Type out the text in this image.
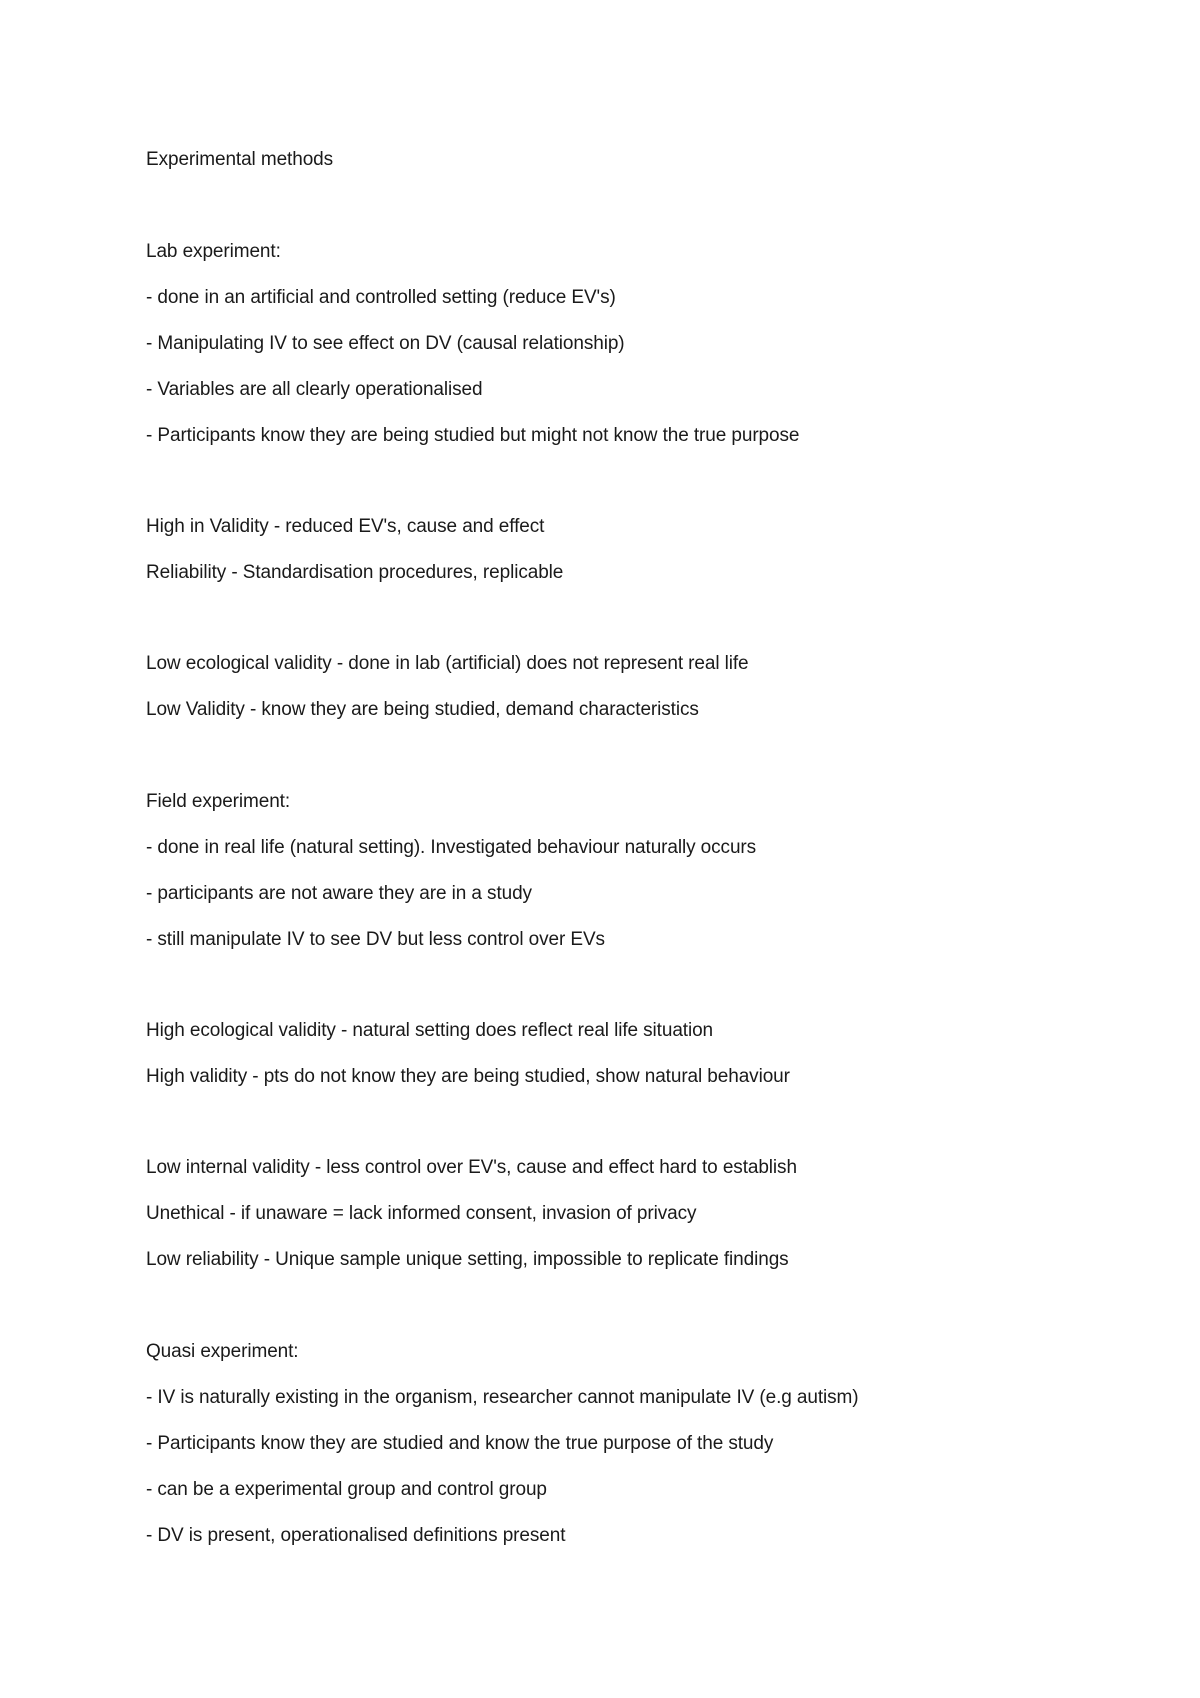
Experimental methods
Lab experiment:
- done in an artificial and controlled setting (reduce EV's)
- Manipulating IV to see effect on DV (causal relationship)
- Variables are all clearly operationalised
- Participants know they are being studied but might not know the true purpose
High in Validity - reduced EV's, cause and effect
Reliability - Standardisation procedures, replicable
Low ecological validity - done in lab (artificial) does not represent real life
Low Validity - know they are being studied, demand characteristics
Field experiment:
- done in real life (natural setting). Investigated behaviour naturally occurs
- participants are not aware they are in a study
- still manipulate IV to see DV but less control over EVs
High ecological validity - natural setting does reflect real life situation
High validity - pts do not know they are being studied, show natural behaviour
Low internal validity - less control over EV's, cause and effect hard to establish
Unethical - if unaware = lack informed consent, invasion of privacy
Low reliability - Unique sample unique setting, impossible to replicate findings
Quasi experiment:
- IV is naturally existing in the organism, researcher cannot manipulate IV (e.g autism)
- Participants know they are studied and know the true purpose of the study
- can be a experimental group and control group
- DV is present, operationalised definitions present
